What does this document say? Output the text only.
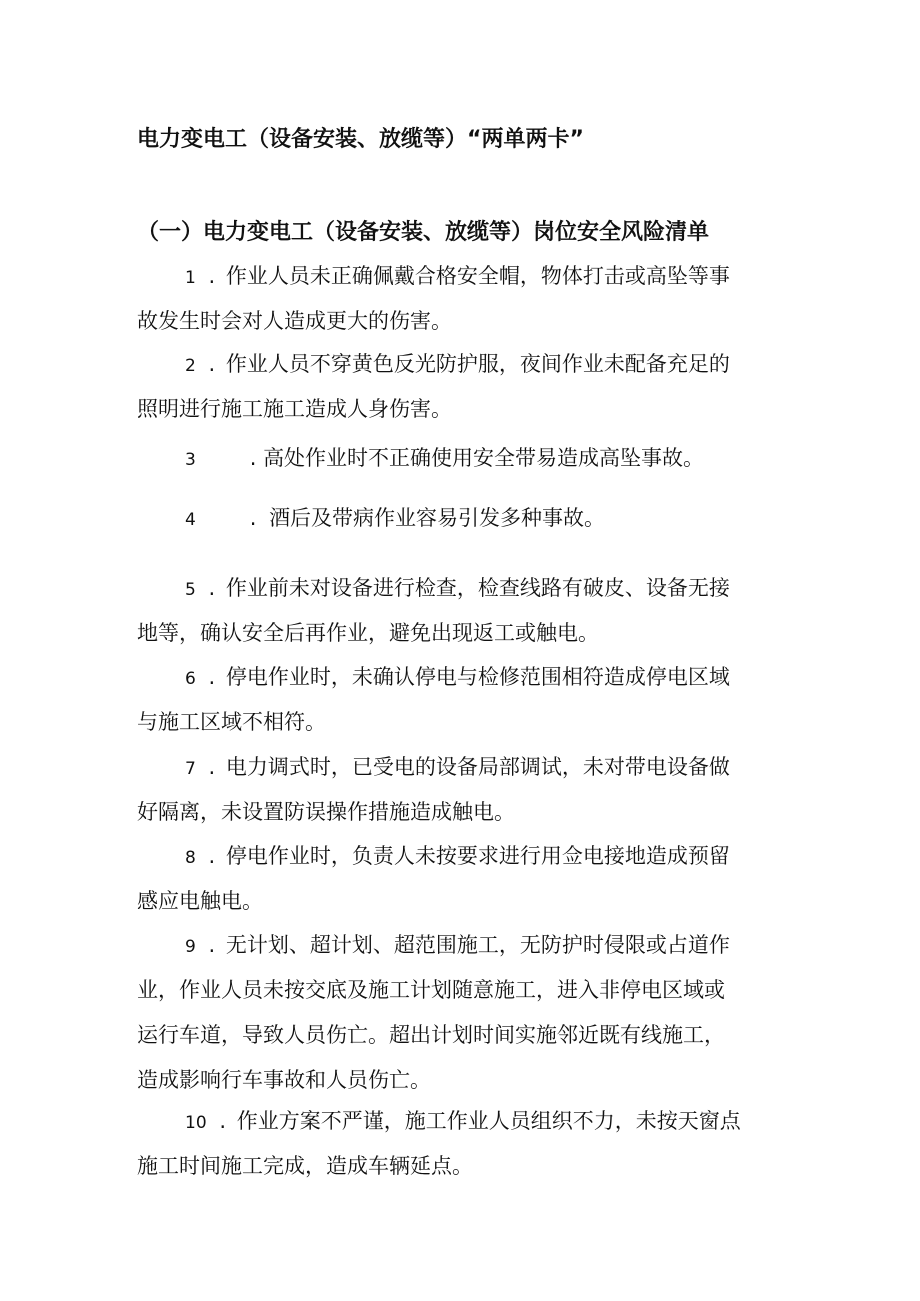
电力变电工（设备安装、放缆等）“两单两卡”
（一）电力变电工（设备安装、放缆等）岗位安全风险清单
1 . 作业人员未正确佩戴合格安全帽，物体打击或高坠等事
故发生时会对人造成更大的伤害。
2 . 作业人员不穿黄色反光防护服，夜间作业未配备充足的
照明进行施工施工造成人身伤害。
3	. 高处作业时不正确使用安全带易造成高坠事故。
4	. 酒后及带病作业容易引发多种事故。
5 . 作业前未对设备进行检查，检查线路有破皮、设备无接
地等，确认安全后再作业，避免出现返工或触电。
6 . 停电作业时，未确认停电与检修范围相符造成停电区域
与施工区域不相符。
7 . 电力调式时，已受电的设备局部调试，未对带电设备做
好隔离，未设置防误操作措施造成触电。
8 . 停电作业时，负责人未按要求进行用佥电接地造成预留
感应电触电。
9 . 无计划、超计划、超范围施工，无防护时侵限或占道作
业，作业人员未按交底及施工计划随意施工，进入非停电区域或
运行车道，导致人员伤亡。超出计划时间实施邻近既有线施工，
造成影响行车事故和人员伤亡。
10 . 作业方案不严谨，施工作业人员组织不力，未按天窗点
施工时间施工完成，造成车辆延点。
